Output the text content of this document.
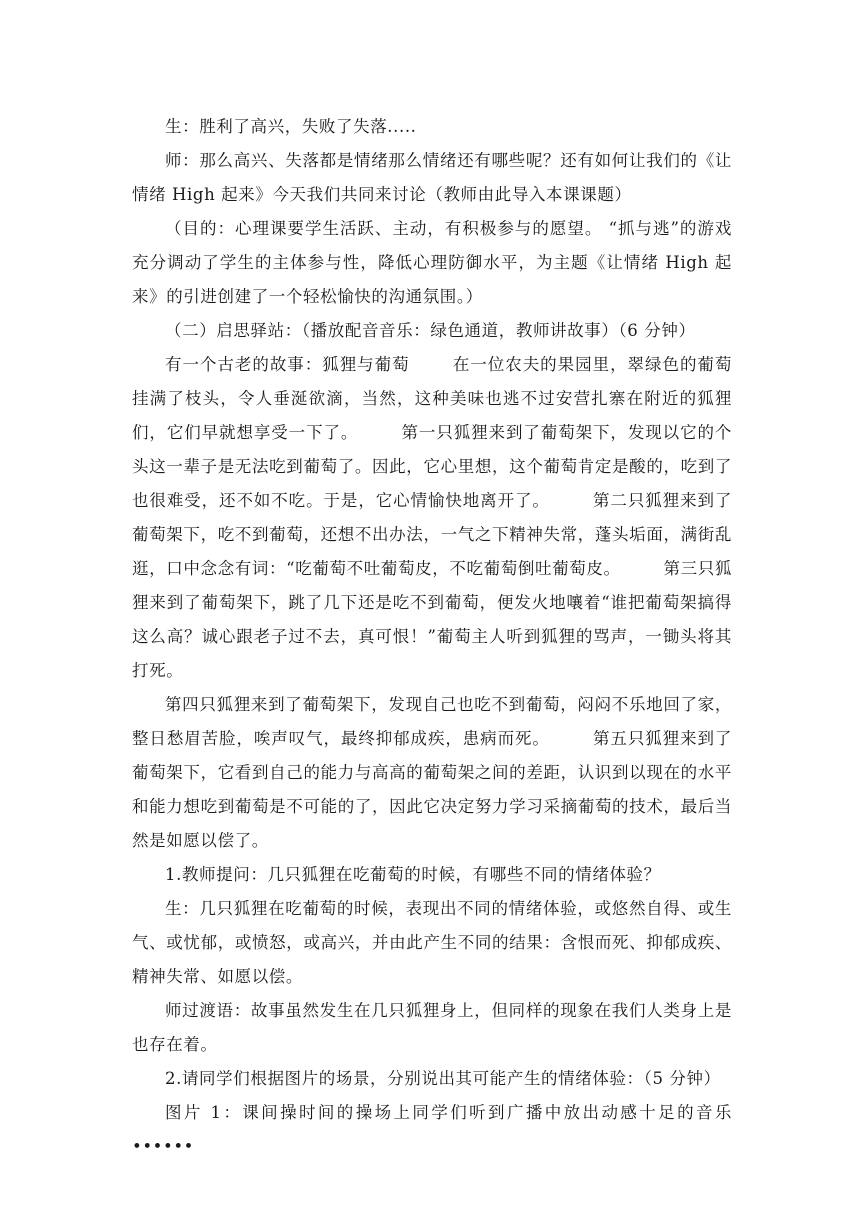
生：胜利了高兴，失败了失落.....

师：那么高兴、失落都是情绪那么情绪还有哪些呢？还有如何让我们的《让情绪 High 起来》今天我们共同来讨论（教师由此导入本课课题）

（目的：心理课要学生活跃、主动，有积极参与的愿望。 “抓与逃”的游戏充分调动了学生的主体参与性，降低心理防御水平，为主题《让情绪 High 起来》的引进创建了一个轻松愉快的沟通氛围。）

（二）启思驿站：（播放配音音乐：绿色通道，教师讲故事）（6 分钟）

有一个古老的故事：狐狸与葡萄	在一位农夫的果园里，翠绿色的葡萄挂满了枝头，令人垂涎欲滴，当然，这种美味也逃不过安营扎寨在附近的狐狸们，它们早就想享受一下了。	第一只狐狸来到了葡萄架下，发现以它的个头这一辈子是无法吃到葡萄了。因此，它心里想，这个葡萄肯定是酸的，吃到了也很难受，还不如不吃。于是，它心情愉快地离开了。	第二只狐狸来到了葡萄架下，吃不到葡萄，还想不出办法，一气之下精神失常，蓬头垢面，满街乱逛，口中念念有词：“吃葡萄不吐葡萄皮，不吃葡萄倒吐葡萄皮。	第三只狐狸来到了葡萄架下，跳了几下还是吃不到葡萄，便发火地嚷着“谁把葡萄架搞得这么高？诚心跟老子过不去，真可恨！”葡萄主人听到狐狸的骂声，一锄头将其打死。

第四只狐狸来到了葡萄架下，发现自己也吃不到葡萄，闷闷不乐地回了家，整日愁眉苦脸，唉声叹气，最终抑郁成疾，患病而死。	第五只狐狸来到了葡萄架下，它看到自己的能力与高高的葡萄架之间的差距，认识到以现在的水平和能力想吃到葡萄是不可能的了，因此它决定努力学习采摘葡萄的技术，最后当然是如愿以偿了。

1.教师提问：几只狐狸在吃葡萄的时候，有哪些不同的情绪体验？

生：几只狐狸在吃葡萄的时候，表现出不同的情绪体验，或悠然自得、或生气、或忧郁，或愤怒，或高兴，并由此产生不同的结果：含恨而死、抑郁成疾、精神失常、如愿以偿。

师过渡语：故事虽然发生在几只狐狸身上，但同样的现象在我们人类身上是也存在着。

2.请同学们根据图片的场景，分别说出其可能产生的情绪体验：（5 分钟）

图片 1：课间操时间的操场上同学们听到广播中放出动感十足的音乐••••••
